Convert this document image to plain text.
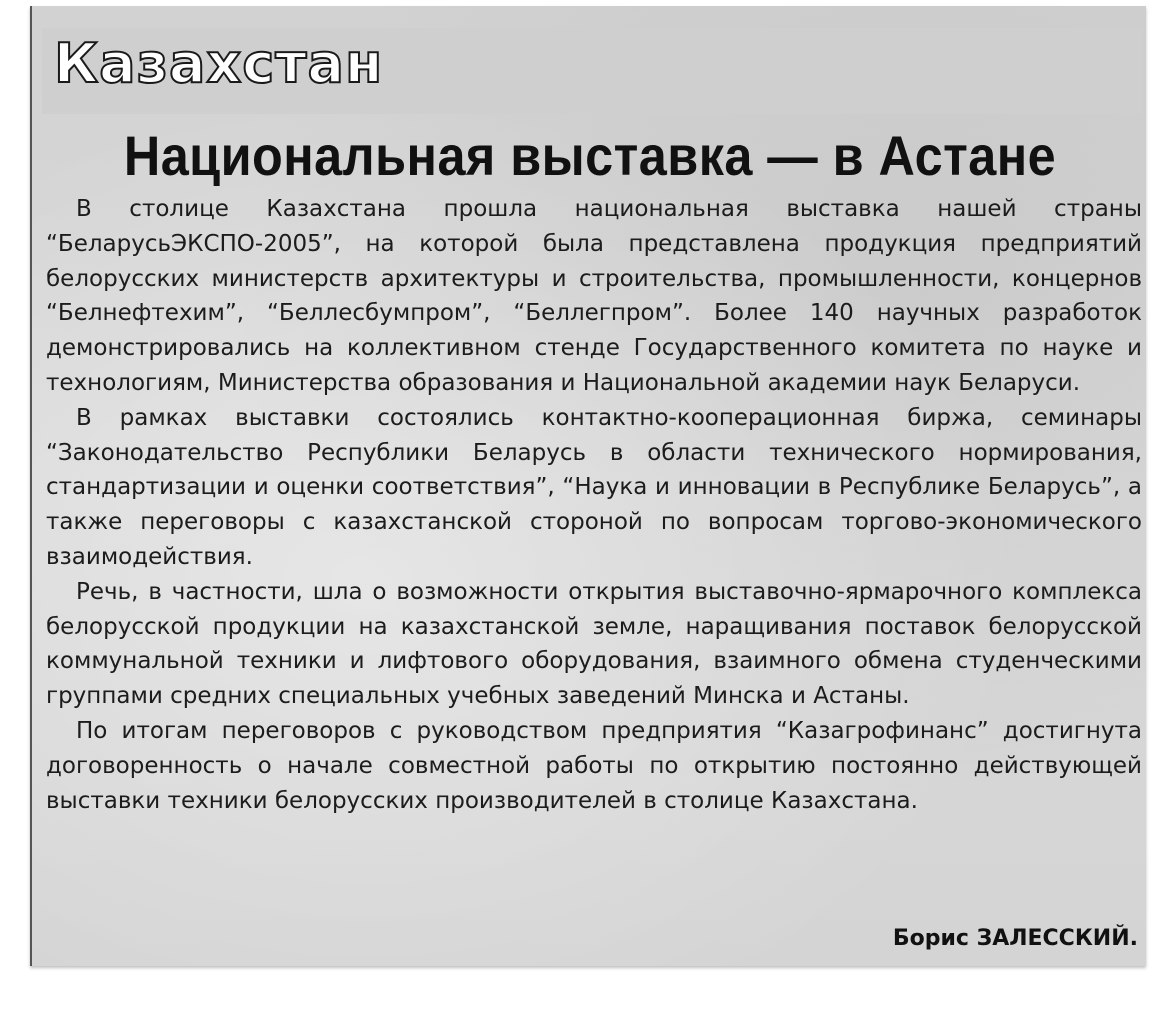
Казахстан
Национальная выставка — в Астане

В столице Казахстана прошла национальная выставка нашей страны “БеларусьЭКСПО-2005”, на которой была представлена продукция предприятий белорусских министерств архитектуры и строительства, промышленности, концернов “Белнефтехим”, “Беллесбумпром”, “Беллегпром”. Более 140 научных разработок демонстрировались на коллективном стенде Государственного комитета по науке и технологиям, Министерства образования и Национальной академии наук Беларуси.

В рамках выставки состоялись контактно-кооперационная биржа, семинары “Законодательство Республики Беларусь в области технического нормирования, стандартизации и оценки соответствия”, “Наука и инновации в Республике Беларусь”, а также переговоры с казахстанской стороной по вопросам торгово-экономического взаимодействия.

Речь, в частности, шла о возможности открытия выставочно-ярмарочного комплекса белорусской продукции на казахстанской земле, наращивания поставок белорусской коммунальной техники и лифтового оборудования, взаимного обмена студенческими группами средних специальных учебных заведений Минска и Астаны.

По итогам переговоров с руководством предприятия “Казагрофинанс” достигнута договоренность о начале совместной работы по открытию постоянно действующей выставки техники белорусских производителей в столице Казахстана.

Борис ЗАЛЕССКИЙ.
